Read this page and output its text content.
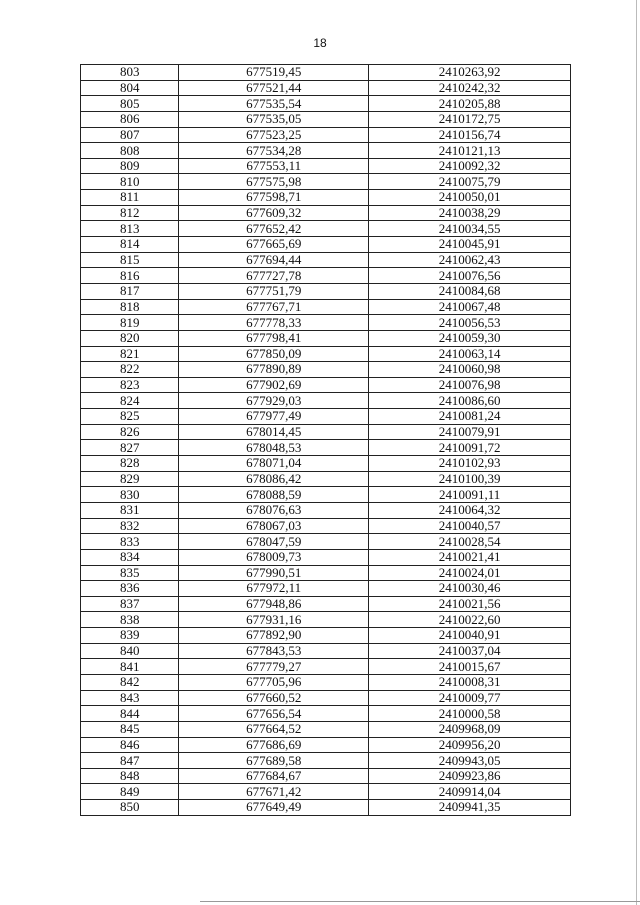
18
803	677519,45	2410263,92
804	677521,44	2410242,32
805	677535,54	2410205,88
806	677535,05	2410172,75
807	677523,25	2410156,74
808	677534,28	2410121,13
809	677553,11	2410092,32
810	677575,98	2410075,79
811	677598,71	2410050,01
812	677609,32	2410038,29
813	677652,42	2410034,55
814	677665,69	2410045,91
815	677694,44	2410062,43
816	677727,78	2410076,56
817	677751,79	2410084,68
818	677767,71	2410067,48
819	677778,33	2410056,53
820	677798,41	2410059,30
821	677850,09	2410063,14
822	677890,89	2410060,98
823	677902,69	2410076,98
824	677929,03	2410086,60
825	677977,49	2410081,24
826	678014,45	2410079,91
827	678048,53	2410091,72
828	678071,04	2410102,93
829	678086,42	2410100,39
830	678088,59	2410091,11
831	678076,63	2410064,32
832	678067,03	2410040,57
833	678047,59	2410028,54
834	678009,73	2410021,41
835	677990,51	2410024,01
836	677972,11	2410030,46
837	677948,86	2410021,56
838	677931,16	2410022,60
839	677892,90	2410040,91
840	677843,53	2410037,04
841	677779,27	2410015,67
842	677705,96	2410008,31
843	677660,52	2410009,77
844	677656,54	2410000,58
845	677664,52	2409968,09
846	677686,69	2409956,20
847	677689,58	2409943,05
848	677684,67	2409923,86
849	677671,42	2409914,04
850	677649,49	2409941,35
